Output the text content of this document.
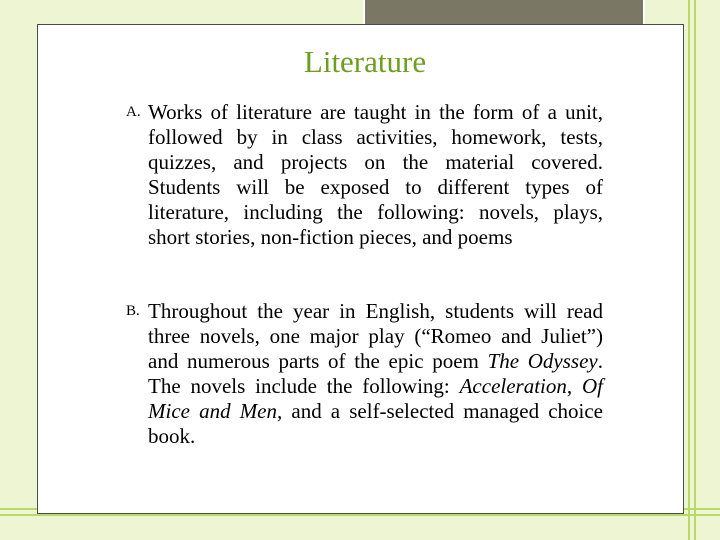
Literature
A. Works of literature are taught in the form of a unit, followed by in class activities, homework, tests, quizzes, and projects on the material covered. Students will be exposed to different types of literature, including the following: novels, plays, short stories, non-fiction pieces, and poems
B. Throughout the year in English, students will read three novels, one major play (“Romeo and Juliet”) and numerous parts of the epic poem The Odyssey. The novels include the following: Acceleration, Of Mice and Men, and a self-selected managed choice book.
